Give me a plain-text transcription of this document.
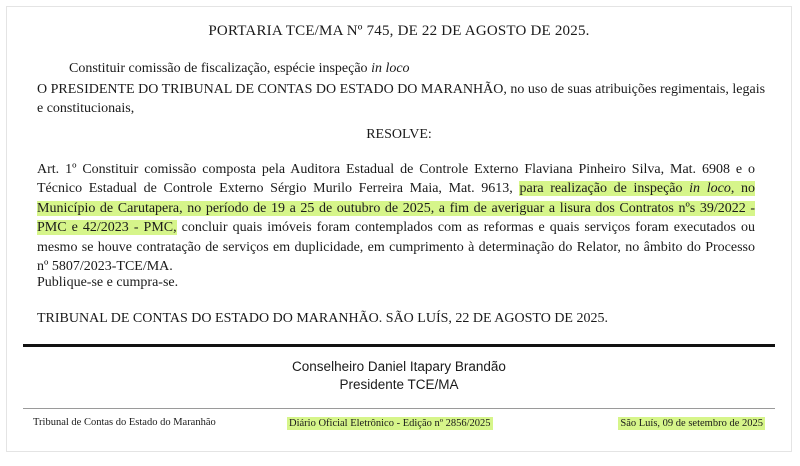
PORTARIA TCE/MA Nº 745, DE 22 DE AGOSTO DE 2025.
Constituir comissão de fiscalização, espécie inspeção in loco
O PRESIDENTE DO TRIBUNAL DE CONTAS DO ESTADO DO MARANHÃO, no uso de suas atribuições regimentais, legais e constitucionais,
RESOLVE:
Art. 1º Constituir comissão composta pela Auditora Estadual de Controle Externo Flaviana Pinheiro Silva, Mat. 6908 e o Técnico Estadual de Controle Externo Sérgio Murilo Ferreira Maia, Mat. 9613, para realização de inspeção in loco, no Município de Carutapera, no período de 19 a 25 de outubro de 2025, a fim de averiguar a lisura dos Contratos nºs 39/2022 - PMC e 42/2023 - PMC, concluir quais imóveis foram contemplados com as reformas e quais serviços foram executados ou mesmo se houve contratação de serviços em duplicidade, em cumprimento à determinação do Relator, no âmbito do Processo nº 5807/2023-TCE/MA.
Publique-se e cumpra-se.
TRIBUNAL DE CONTAS DO ESTADO DO MARANHÃO. SÃO LUÍS, 22 DE AGOSTO DE 2025.
Conselheiro Daniel Itapary Brandão
Presidente TCE/MA
Tribunal de Contas do Estado do Maranhão	Diário Oficial Eletrônico - Edição nº 2856/2025	São Luís, 09 de setembro de 2025
